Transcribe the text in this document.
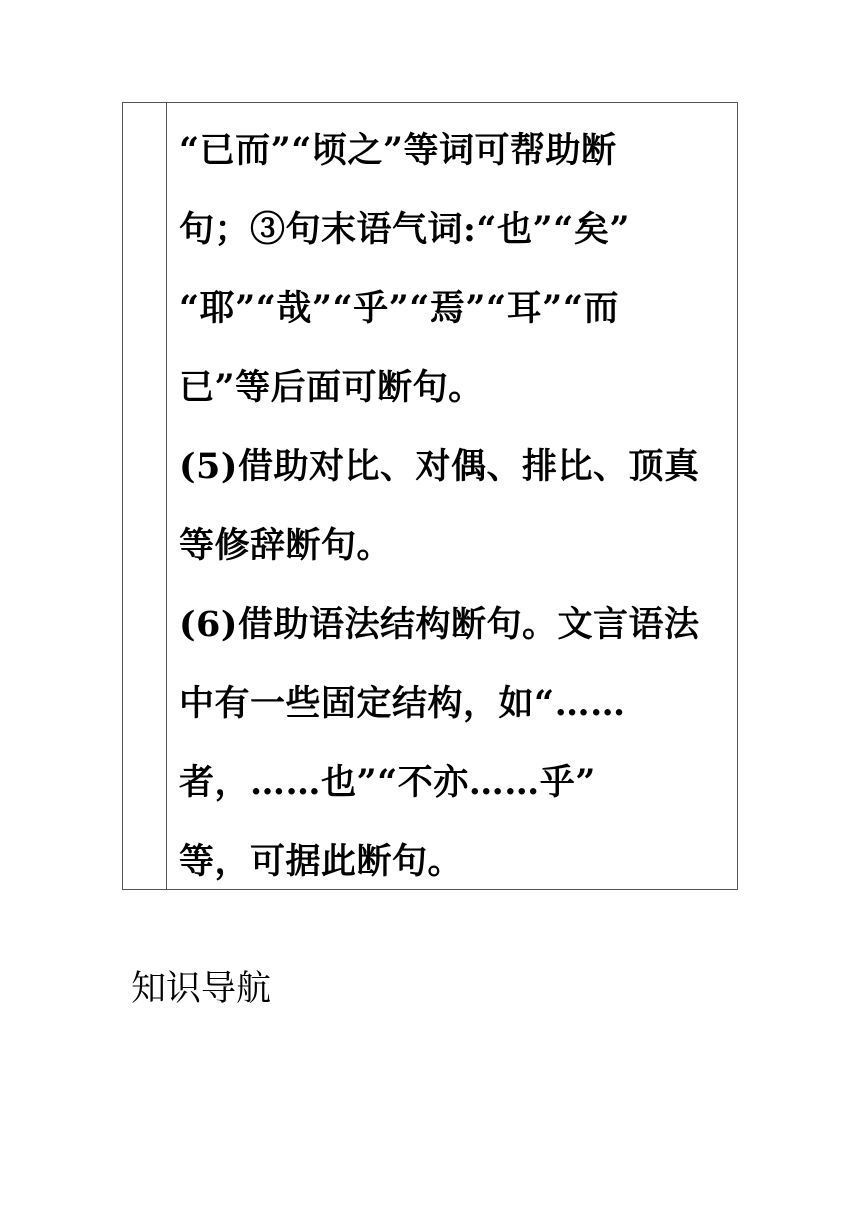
“已而”“顷之”等词可帮助断
句；③句末语气词:“也”“矣”
“耶”“哉”“乎”“焉”“耳”“而
已”等后面可断句。
(5)借助对比、对偶、排比、顶真
等修辞断句。
(6)借助语法结构断句。文言语法
中有一些固定结构，如“……
者，……也”“不亦……乎”
等，可据此断句。
知识导航
